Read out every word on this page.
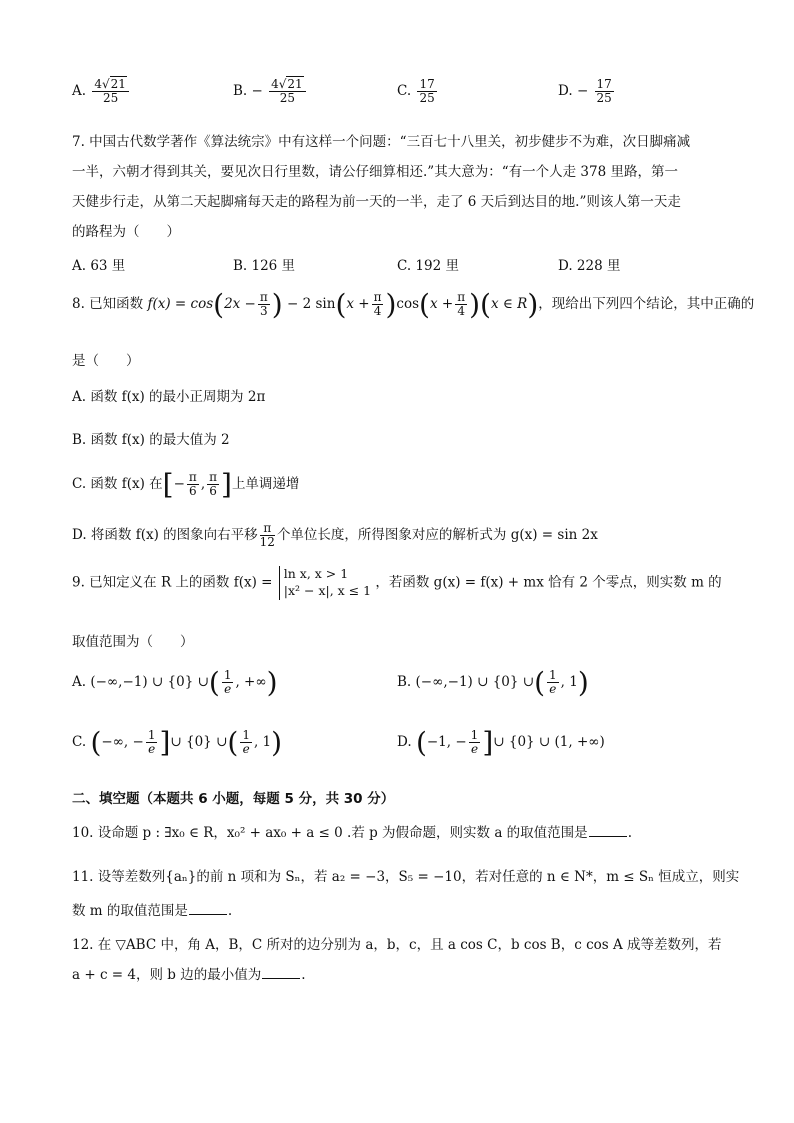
A. $\frac{4√21}{25}$	B. − $\frac{4√21}{25}$	C. $\frac{17}{25}$	D. − $\frac{17}{25}$
7. 中国古代数学著作《算法统宗》中有这样一个问题：“三百七十八里关，初步健步不为难，次日脚痛减
一半，六朝才得到其关，要见次日行里数，请公仔细算相还.”其大意为：“有一个人走 378 里路，第一
天健步行走，从第二天起脚痛每天走的路程为前一天的一半，走了 6 天后到达目的地.”则该人第一天走
的路程为（　　）
A. 63 里	B. 126 里	C. 192 里	D. 228 里
8. 已知函数 $f(x) = \cos(2x - \frac{\pi}{3}$ ) − 2 $\sin(x + \frac{\pi}{4} )\cos(x + \frac{\pi}{4} )(x$ ∈ R)，现给出下列四个结论，其中正确的
是（　　）
A. 函数 f(x) 的最小正周期为 2π
B. 函数 f(x) 的最大值为 2
C. 函数 f(x) 在[− $\frac{\pi}{6}$ , $\frac{\pi}{6}$ ]上单调递增
D. 将函数 f(x) 的图象向右平移 $\frac{\pi}{12}$ 个单位长度，所得图象对应的解析式为 g(x) = sin 2x
9. 已知定义在 R 上的函数 f(x) = ln x, x > 1
|x² − x|, x ≤ 1 ，若函数 g(x) = f(x) + mx 恰有 2 个零点，则实数 m 的
取值范围为（　　）
A. (−∞,−1) ∪ {0} ∪( $\frac{1}{e}$ , +∞)	B. (−∞,−1) ∪ {0} ∪( $\frac{1}{e}$ , 1)
C. (−∞, − $\frac{1}{e}$ ]∪ {0} ∪( $\frac{1}{e}$ , 1)	D. (−1, − $\frac{1}{e}$ ]∪ {0} ∪ (1, +∞)
二、填空题（本题共 6 小题，每题 5 分，共 30 分）
10. 设命题 p : ∃x₀ ∈ R，x₀² + ax₀ + a ≤ 0 .若 p 为假命题，则实数 a 的取值范围是	.
11. 设等差数列{aₙ}的前 n 项和为 Sₙ，若 a₂ = −3，S₅ = −10，若对任意的 n ∈ N*，m ≤ Sₙ 恒成立，则实
数 m 的取值范围是	.
12. 在 ▽ABC 中，角 A，B，C 所对的边分别为 a，b，c，且 a cos C，b cos B，c cos A 成等差数列，若
a + c = 4，则 b 边的最小值为	.
